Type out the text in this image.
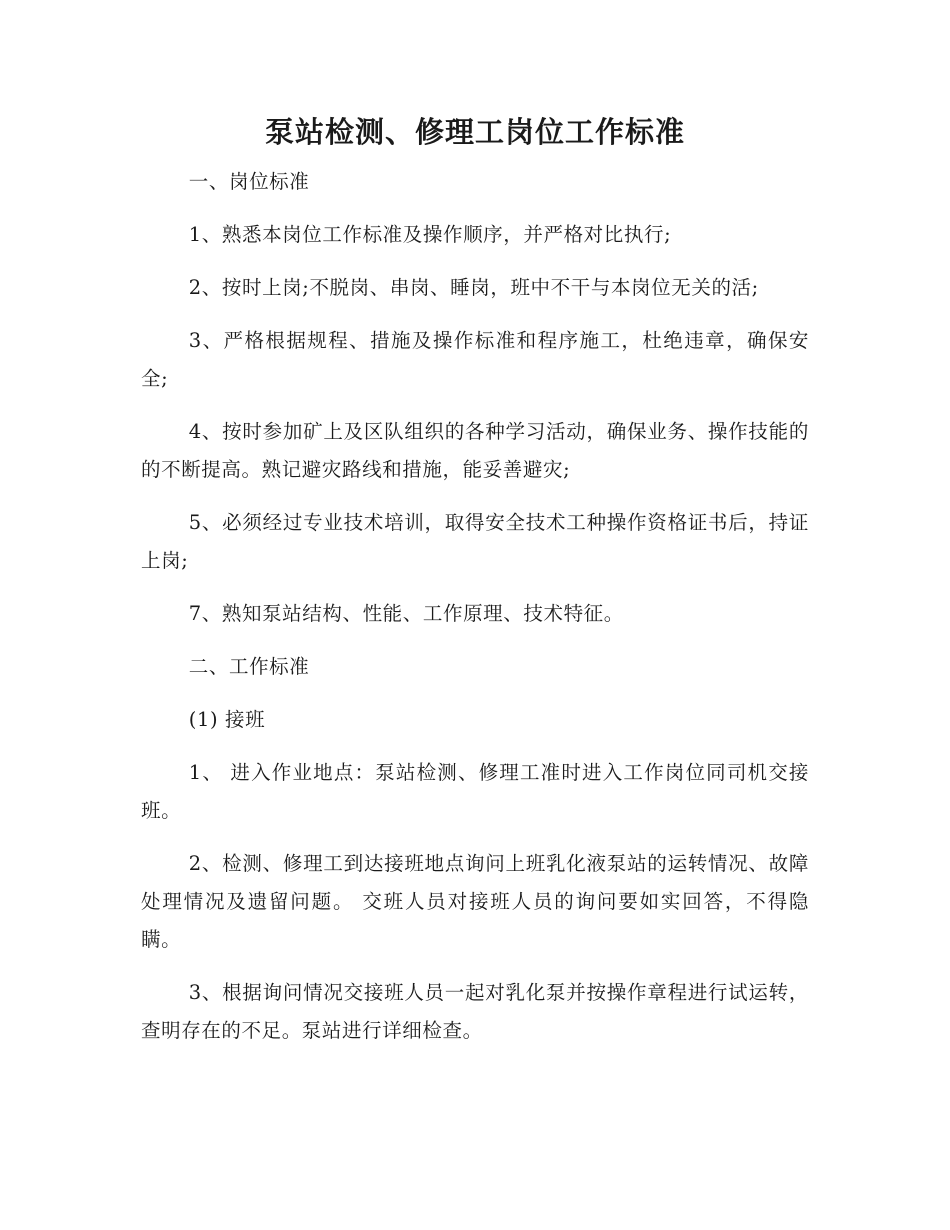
泵站检测、修理工岗位工作标准

一、岗位标准

1、熟悉本岗位工作标准及操作顺序，并严格对比执行;

2、按时上岗;不脱岗、串岗、睡岗，班中不干与本岗位无关的活;

3、严格根据规程、措施及操作标准和程序施工，杜绝违章，确保安全;

4、按时参加矿上及区队组织的各种学习活动，确保业务、操作技能的的不断提高。熟记避灾路线和措施，能妥善避灾;

5、必须经过专业技术培训，取得安全技术工种操作资格证书后，持证上岗;

7、熟知泵站结构、性能、工作原理、技术特征。

二、工作标准

(1) 接班

1、 进入作业地点：泵站检测、修理工准时进入工作岗位同司机交接班。

2、检测、修理工到达接班地点询问上班乳化液泵站的运转情况、故障处理情况及遗留问题。 交班人员对接班人员的询问要如实回答，不得隐瞒。

3、根据询问情况交接班人员一起对乳化泵并按操作章程进行试运转，查明存在的不足。泵站进行详细检查。
